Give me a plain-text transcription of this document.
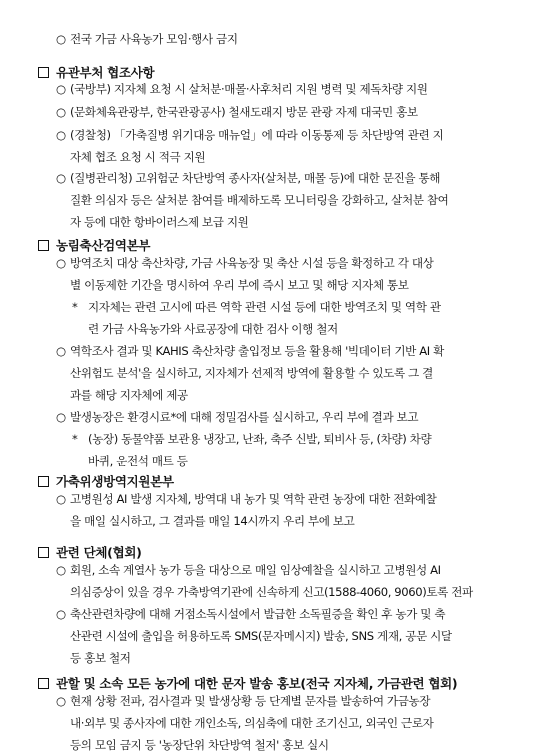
○ 전국 가금 사육농가 모임·행사 금지
유관부처 협조사항
○ (국방부) 지자체 요청 시 살처분·매몰·사후처리 지원 병력 및 제독차량 지원
○ (문화체육관광부, 한국관광공사) 철새도래지 방문 관광 자제 대국민 홍보
○ (경찰청) 「가축질병 위기대응 매뉴얼」에 따라 이동통제 등 차단방역 관련 지
자체 협조 요청 시 적극 지원
○ (질병관리청) 고위험군 차단방역 종사자(살처분, 매몰 등)에 대한 문진을 통해
질환 의심자 등은 살처분 참여를 배제하도록 모니터링을 강화하고, 살처분 참여
자 등에 대한 항바이러스제 보급 지원
농림축산검역본부
○ 방역조치 대상 축산차량, 가금 사육농장 및 축산 시설 등을 확정하고 각 대상
별 이동제한 기간을 명시하여 우리 부에 즉시 보고 및 해당 지자체 통보
* 지자체는 관련 고시에 따른 역학 관련 시설 등에 대한 방역조치 및 역학 관
련 가금 사육농가와 사료공장에 대한 검사 이행 철저
○ 역학조사 결과 및 KAHIS 축산차량 출입정보 등을 활용해 '빅데이터 기반 AI 확
산위험도 분석'을 실시하고, 지자체가 선제적 방역에 활용할 수 있도록 그 결
과를 해당 지자체에 제공
○ 발생농장은 환경시료*에 대해 정밀검사를 실시하고, 우리 부에 결과 보고
* (농장) 동물약품 보관용 냉장고, 난좌, 축주 신발, 퇴비사 등, (차량) 차량
바퀴, 운전석 매트 등
가축위생방역지원본부
○ 고병원성 AI 발생 지자체, 방역대 내 농가 및 역학 관련 농장에 대한 전화예찰
을 매일 실시하고, 그 결과를 매일 14시까지 우리 부에 보고
관련 단체(협회)
○ 회원, 소속 계열사 농가 등을 대상으로 매일 임상예찰을 실시하고 고병원성 AI
의심증상이 있을 경우 가축방역기관에 신속하게 신고(1588-4060, 9060)토록 전파
○ 축산관련차량에 대해 거점소독시설에서 발급한 소독필증을 확인 후 농가 및 축
산관련 시설에 출입을 허용하도록 SMS(문자메시지) 발송, SNS 게재, 공문 시달
등 홍보 철저
관할 및 소속 모든 농가에 대한 문자 발송 홍보(전국 지자체, 가금관련 협회)
○ 현재 상황 전파, 검사결과 및 발생상황 등 단계별 문자를 발송하여 가금농장
내·외부 및 종사자에 대한 개인소독, 의심축에 대한 조기신고, 외국인 근로자
등의 모임 금지 등 '농장단위 차단방역 철저' 홍보 실시
